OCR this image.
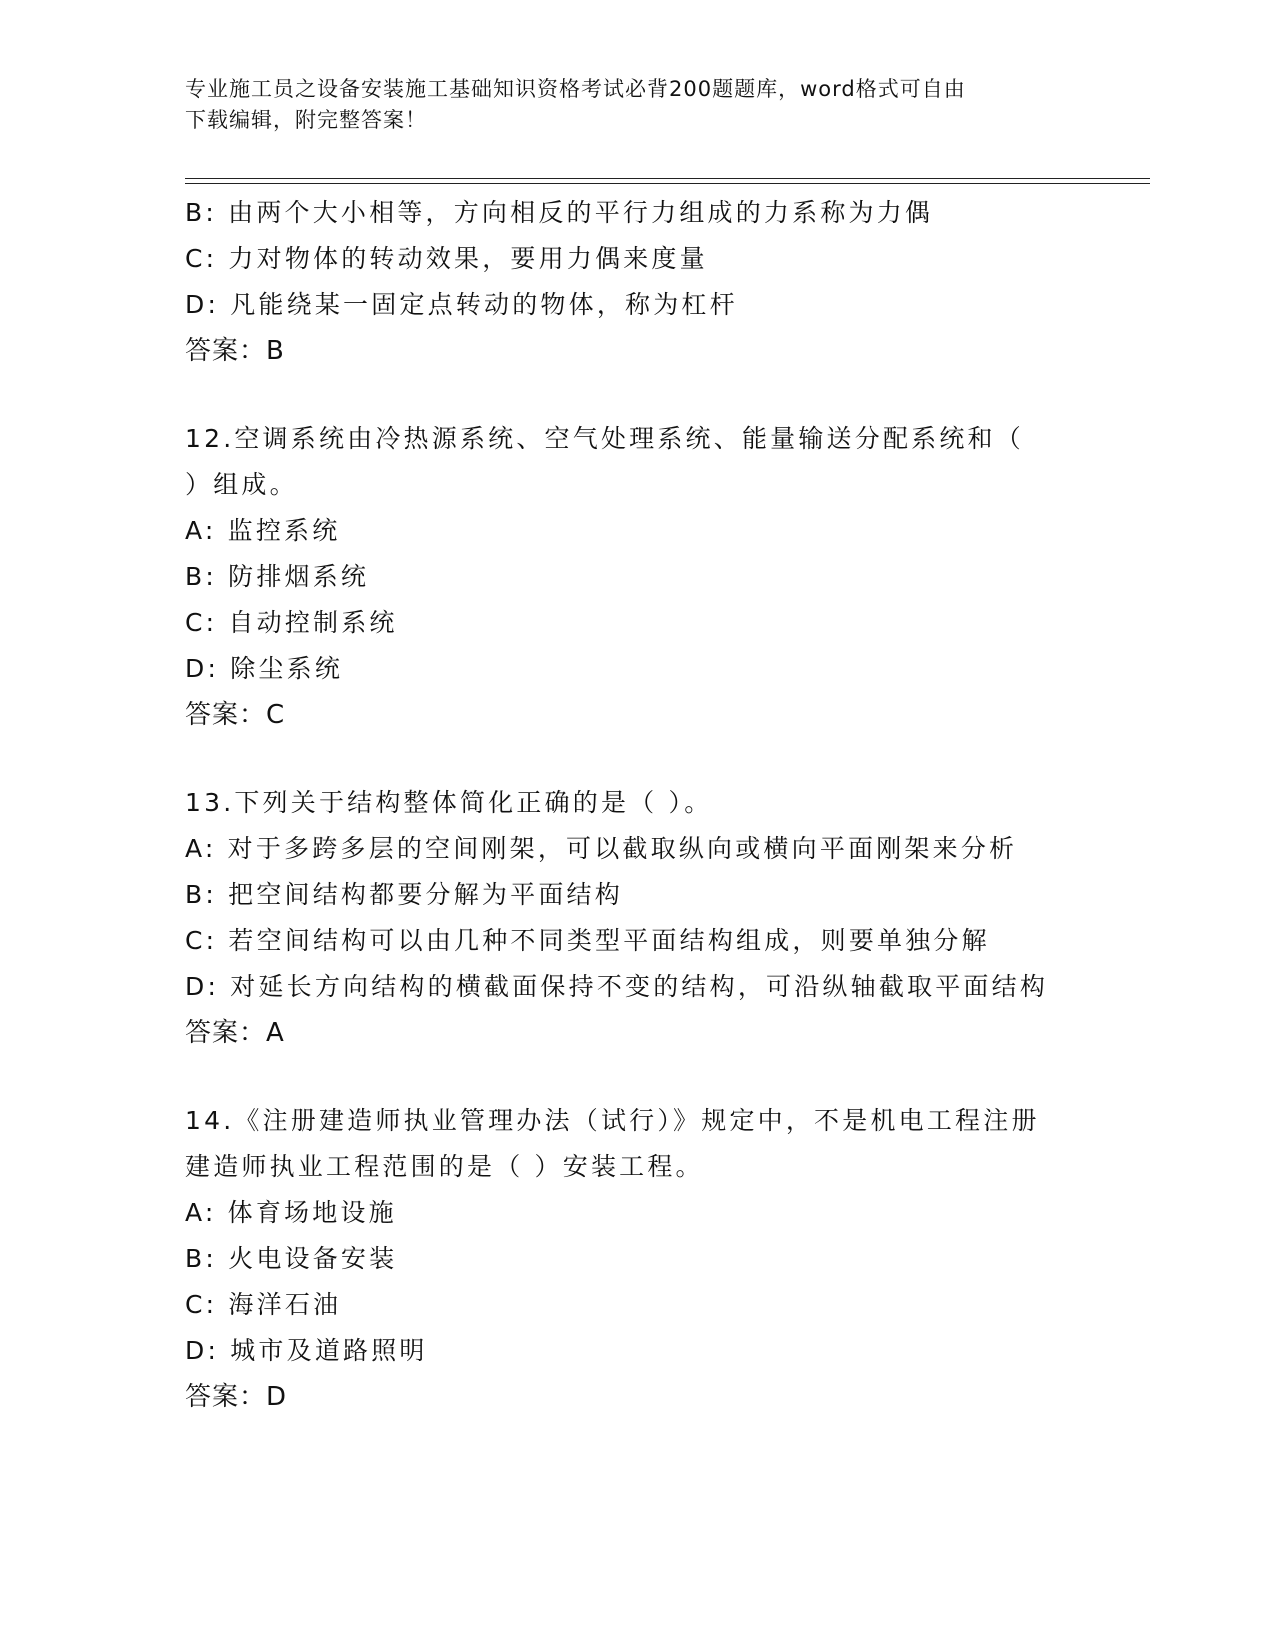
专业施工员之设备安装施工基础知识资格考试必背200题题库，word格式可自由
下载编辑，附完整答案！
B: 由两个大小相等，方向相反的平行力组成的力系称为力偶
C: 力对物体的转动效果，要用力偶来度量
D: 凡能绕某一固定点转动的物体，称为杠杆
答案：B
12.空调系统由冷热源系统、空气处理系统、能量输送分配系统和（
）组成。
A: 监控系统
B: 防排烟系统
C: 自动控制系统
D: 除尘系统
答案：C
13.下列关于结构整体简化正确的是（ ）。
A: 对于多跨多层的空间刚架，可以截取纵向或横向平面刚架来分析
B: 把空间结构都要分解为平面结构
C: 若空间结构可以由几种不同类型平面结构组成，则要单独分解
D: 对延长方向结构的横截面保持不变的结构，可沿纵轴截取平面结构
答案：A
14.《注册建造师执业管理办法（试行）》规定中，不是机电工程注册
建造师执业工程范围的是（ ）安装工程。
A: 体育场地设施
B: 火电设备安装
C: 海洋石油
D: 城市及道路照明
答案：D
